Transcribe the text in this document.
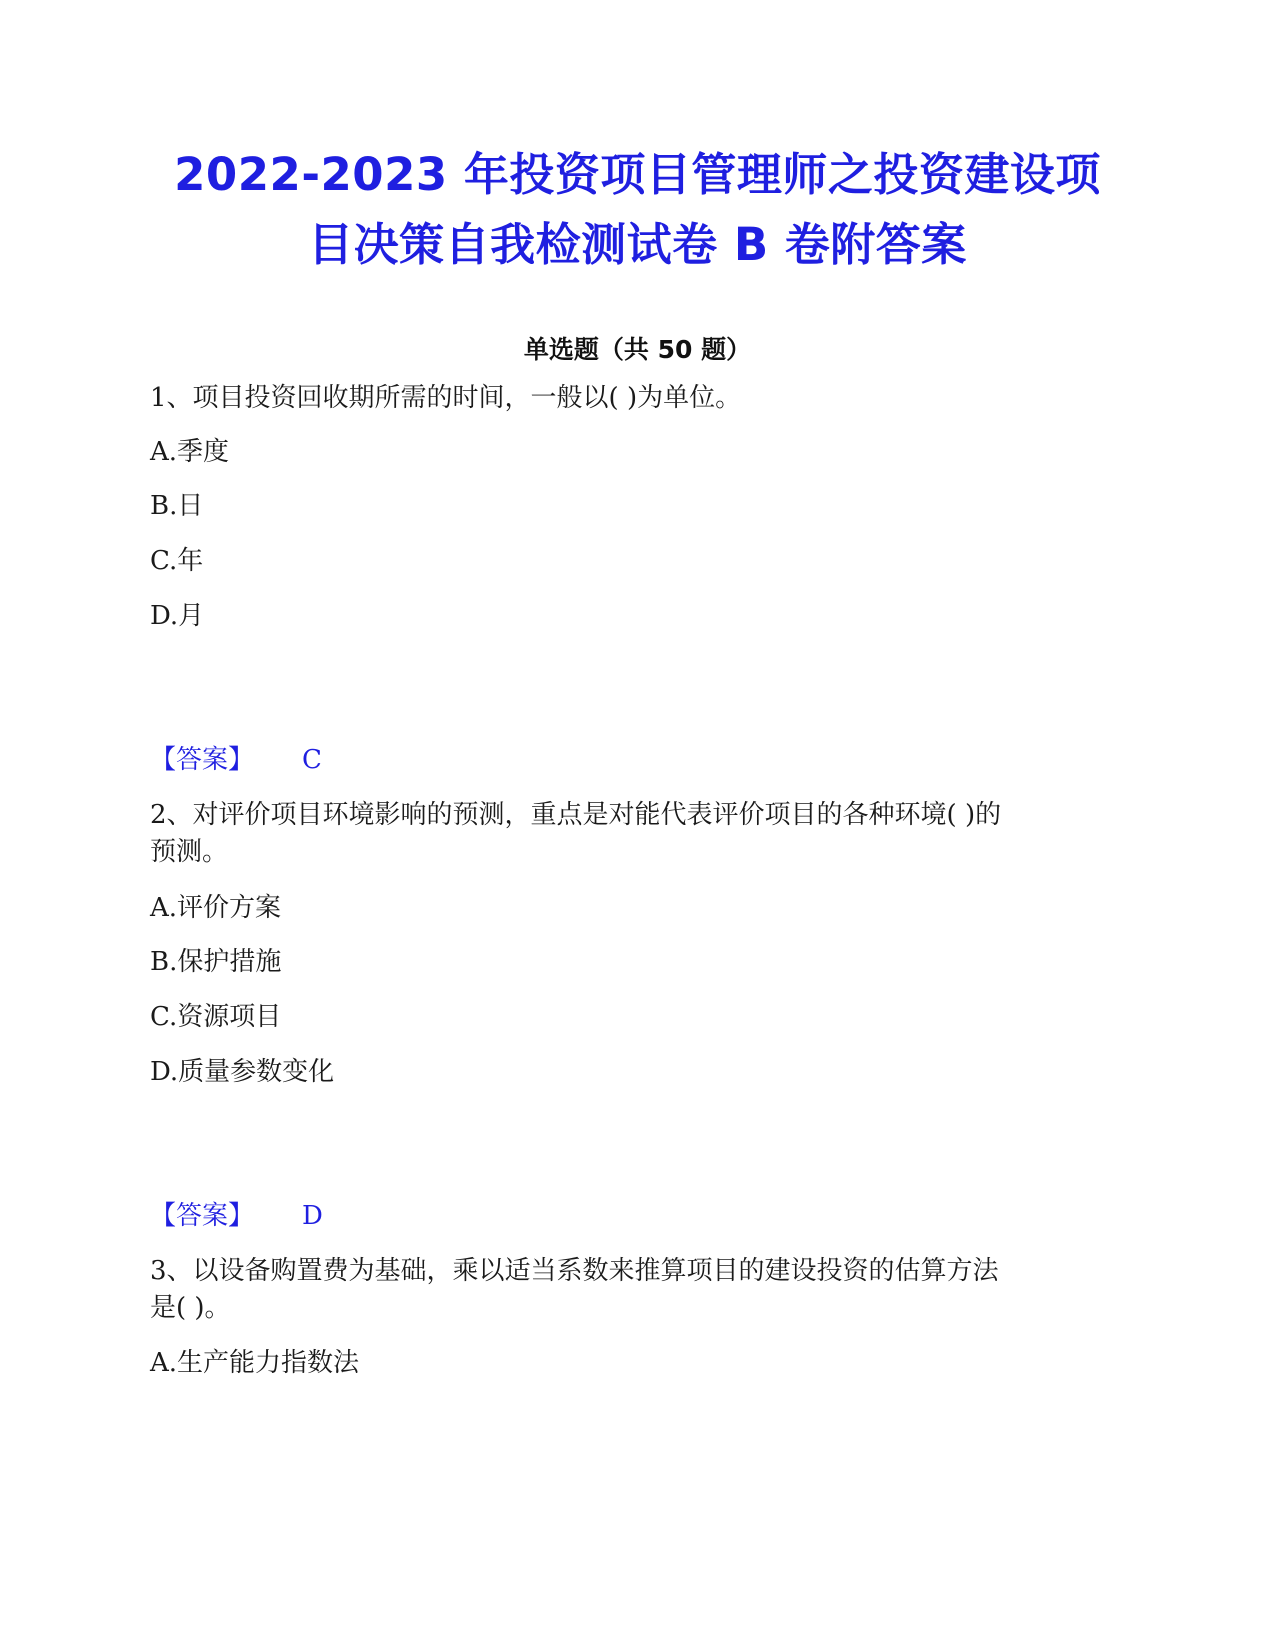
2022-2023 年投资项目管理师之投资建设项
目决策自我检测试卷 B 卷附答案
单选题（共 50 题）
1、项目投资回收期所需的时间，一般以( )为单位。
A.季度
B.日
C.年
D.月
【答案】 C
2、对评价项目环境影响的预测，重点是对能代表评价项目的各种环境( )的
预测。
A.评价方案
B.保护措施
C.资源项目
D.质量参数变化
【答案】 D
3、以设备购置费为基础，乘以适当系数来推算项目的建设投资的估算方法
是( )。
A.生产能力指数法
